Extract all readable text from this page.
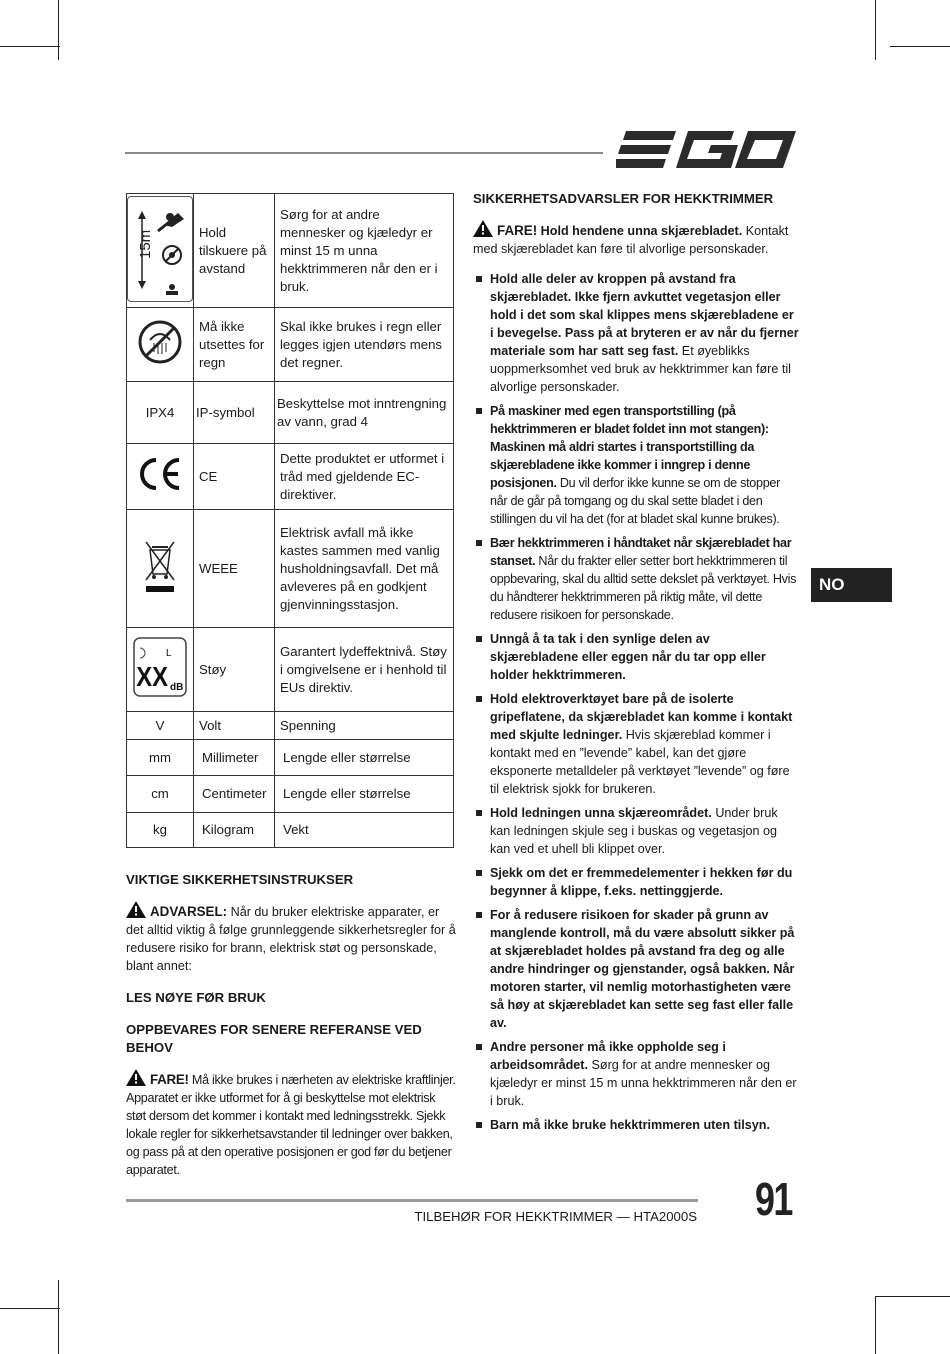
15m	Hold tilskuere på avstand	Sørg for at andre mennesker og kjæledyr er minst 15 m unna hekktrimmeren når den er i bruk.
	Må ikke utsettes for regn	Skal ikke brukes i regn eller legges igjen utendørs mens det regner.
IPX4	IP-symbol	Beskyttelse mot inntrengning av vann, grad 4
	CE	Dette produktet er utformet i tråd med gjeldende EC-direktiver.
	WEEE	Elektrisk avfall må ikke kastes sammen med vanlig husholdningsavfall. Det må avleveres på en godkjent gjenvinningsstasjon.

L
XX dB	Støy	Garantert lydeffektnivå. Støy i omgivelsene er i henhold til EUs direktiv.
V	Volt	Spenning
mm	Millimeter	Lengde eller størrelse
cm	Centimeter	Lengde eller størrelse
kg	Kilogram	Vekt
VIKTIGE SIKKERHETSINSTRUKSER
ADVARSEL: Når du bruker elektriske apparater, er det alltid viktig å følge grunnleggende sikkerhetsregler for å redusere risiko for brann, elektrisk støt og personskade, blant annet:
LES NØYE FØR BRUK
OPPBEVARES FOR SENERE REFERANSE VED BEHOV
FARE! Må ikke brukes i nærheten av elektriske kraftlinjer. Apparatet er ikke utformet for å gi beskyttelse mot elektrisk støt dersom det kommer i kontakt med ledningsstrekk. Sjekk lokale regler for sikkerhetsavstander til ledninger over bakken, og pass på at den operative posisjonen er god før du betjener apparatet.
SIKKERHETSADVARSLER FOR HEKKTRIMMER
FARE! Hold hendene unna skjærebladet. Kontakt med skjærebladet kan føre til alvorlige personskader.
Hold alle deler av kroppen på avstand fra skjærebladet. Ikke fjern avkuttet vegetasjon eller hold i det som skal klippes mens skjærebladene er i bevegelse. Pass på at bryteren er av når du fjerner materiale som har satt seg fast. Et øyeblikks uoppmerksomhet ved bruk av hekktrimmer kan føre til alvorlige personskader.
På maskiner med egen transportstilling (på hekktrimmeren er bladet foldet inn mot stangen): Maskinen må aldri startes i transportstilling da skjærebladene ikke kommer i inngrep i denne posisjonen. Du vil derfor ikke kunne se om de stopper når de går på tomgang og du skal sette bladet i den stillingen du vil ha det (for at bladet skal kunne brukes).
Bær hekktrimmeren i håndtaket når skjærebladet har stanset. Når du frakter eller setter bort hekktrimmeren til oppbevaring, skal du alltid sette dekslet på verktøyet. Hvis du håndterer hekktrimmeren på riktig måte, vil dette redusere risikoen for personskade.
Unngå å ta tak i den synlige delen av skjærebladene eller eggen når du tar opp eller holder hekktrimmeren.
Hold elektroverktøyet bare på de isolerte gripeflatene, da skjærebladet kan komme i kontakt med skjulte ledninger. Hvis skjæreblad kommer i kontakt med en ”levende” kabel, kan det gjøre eksponerte metalldeler på verktøyet ”levende” og føre til elektrisk sjokk for brukeren.
Hold ledningen unna skjæreområdet. Under bruk kan ledningen skjule seg i buskas og vegetasjon og kan ved et uhell bli klippet over.
Sjekk om det er fremmedelementer i hekken før du begynner å klippe, f.eks. nettinggjerde.
For å redusere risikoen for skader på grunn av manglende kontroll, må du være absolutt sikker på at skjærebladet holdes på avstand fra deg og alle andre hindringer og gjenstander, også bakken. Når motoren starter, vil nemlig motorhastigheten være så høy at skjærebladet kan sette seg fast eller falle av.
Andre personer må ikke oppholde seg i arbeidsområdet. Sørg for at andre mennesker og kjæledyr er minst 15 m unna hekktrimmeren når den er i bruk.
Barn må ikke bruke hekktrimmeren uten tilsyn.
NO
TILBEHØR FOR HEKKTRIMMER — HTA2000S 91
